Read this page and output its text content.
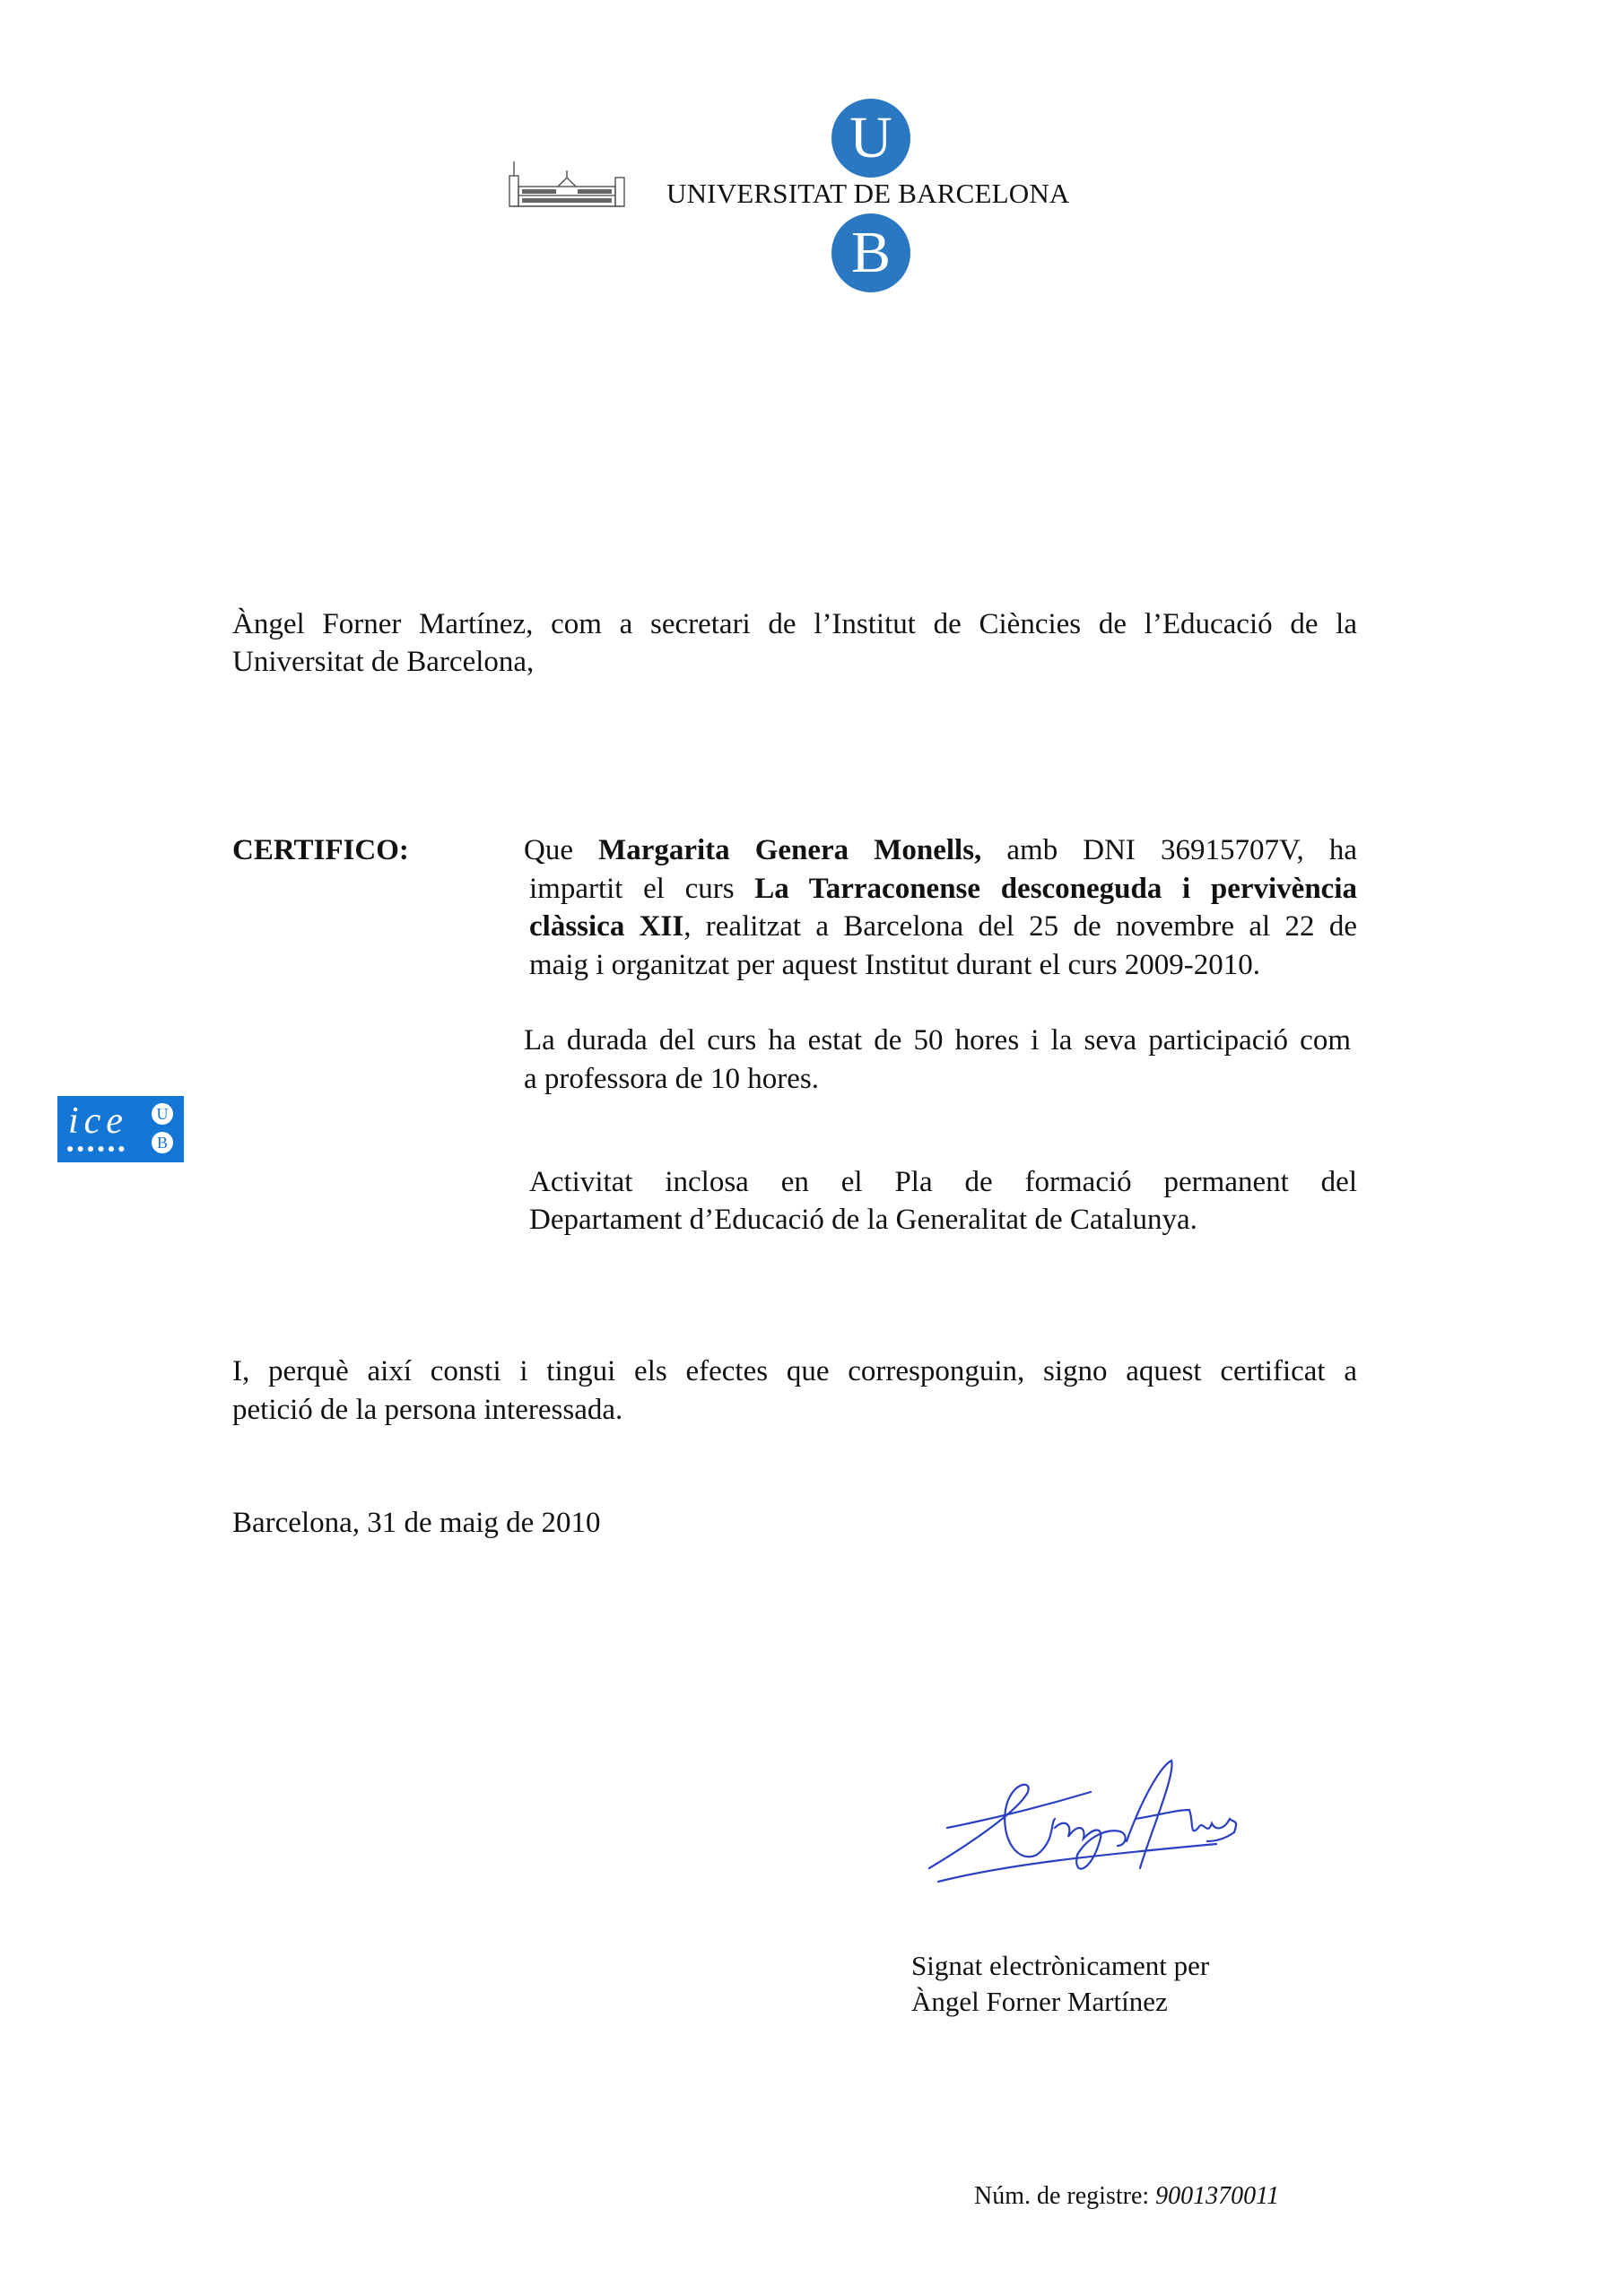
U
UNIVERSITAT DE BARCELONA
B
ice
●●●●●●
U
B
Àngel Forner Martínez, com a secretari de l’Institut de Ciències de l’Educació de la
Universitat de Barcelona,
CERTIFICO:	Que Margarita Genera Monells, amb DNI 36915707V, ha
impartit el curs La Tarraconense desconeguda i pervivència
clàssica XII, realitzat a Barcelona del 25 de novembre al 22 de
maig i organitzat per aquest Institut durant el curs 2009-2010.
La durada del curs ha estat de 50 hores i la seva participació com
a professora de 10 hores.
Activitat inclosa en el Pla de formació permanent del
Departament d’Educació de la Generalitat de Catalunya.
I, perquè així consti i tingui els efectes que corresponguin, signo aquest certificat a
petició de la persona interessada.
Barcelona, 31 de maig de 2010
Signat electrònicament per
Àngel Forner Martínez
Núm. de registre: 9001370011
